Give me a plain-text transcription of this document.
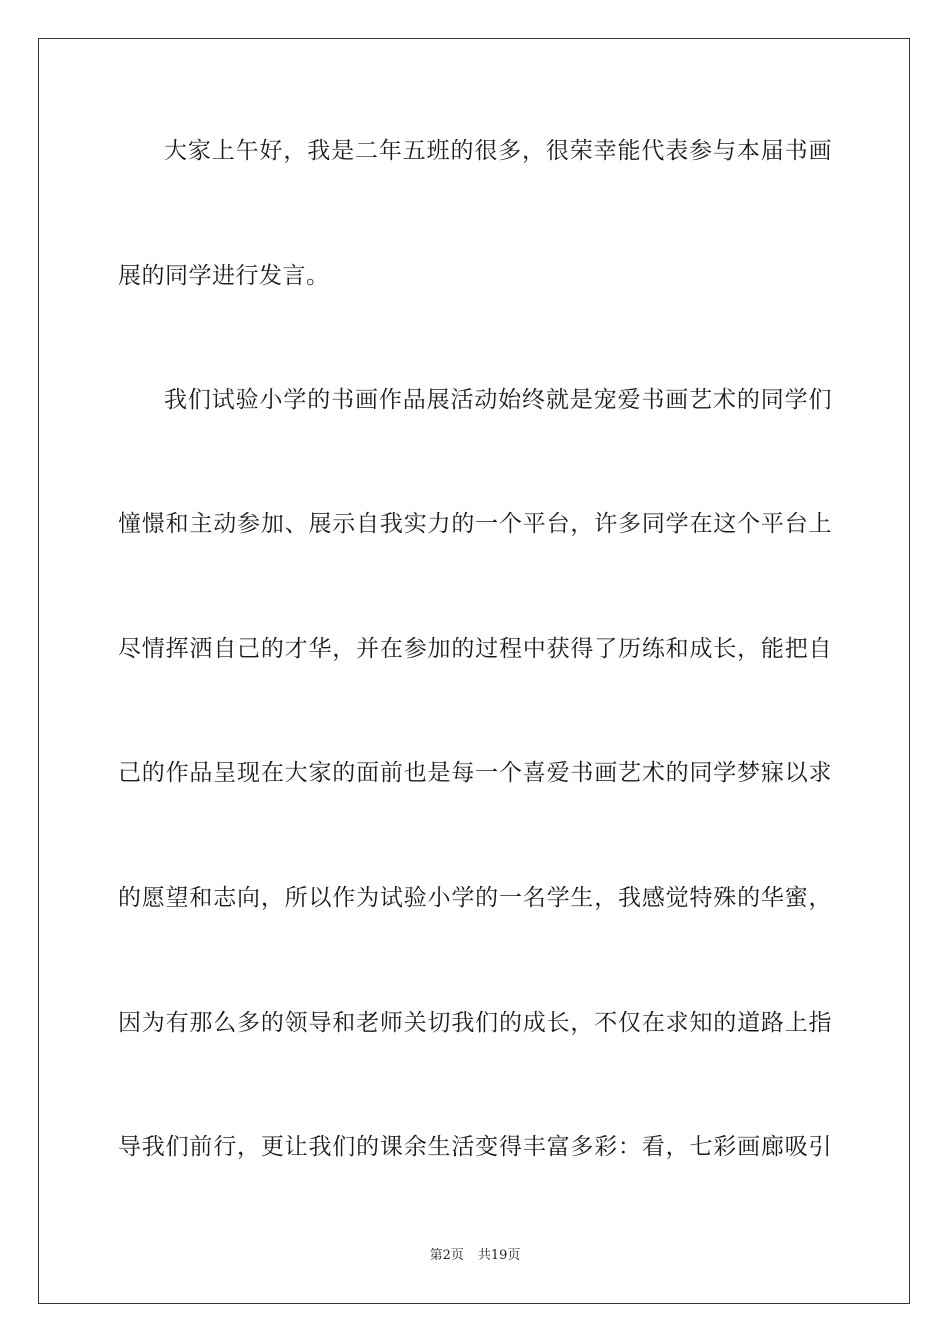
大家上午好，我是二年五班的很多，很荣幸能代表参与本届书画
展的同学进行发言。
我们试验小学的书画作品展活动始终就是宠爱书画艺术的同学们
憧憬和主动参加、展示自我实力的一个平台，许多同学在这个平台上
尽情挥洒自己的才华，并在参加的过程中获得了历练和成长，能把自
己的作品呈现在大家的面前也是每一个喜爱书画艺术的同学梦寐以求
的愿望和志向，所以作为试验小学的一名学生，我感觉特殊的华蜜，
因为有那么多的领导和老师关切我们的成长，不仅在求知的道路上指
导我们前行，更让我们的课余生活变得丰富多彩：看，七彩画廊吸引
第2页 共19页
